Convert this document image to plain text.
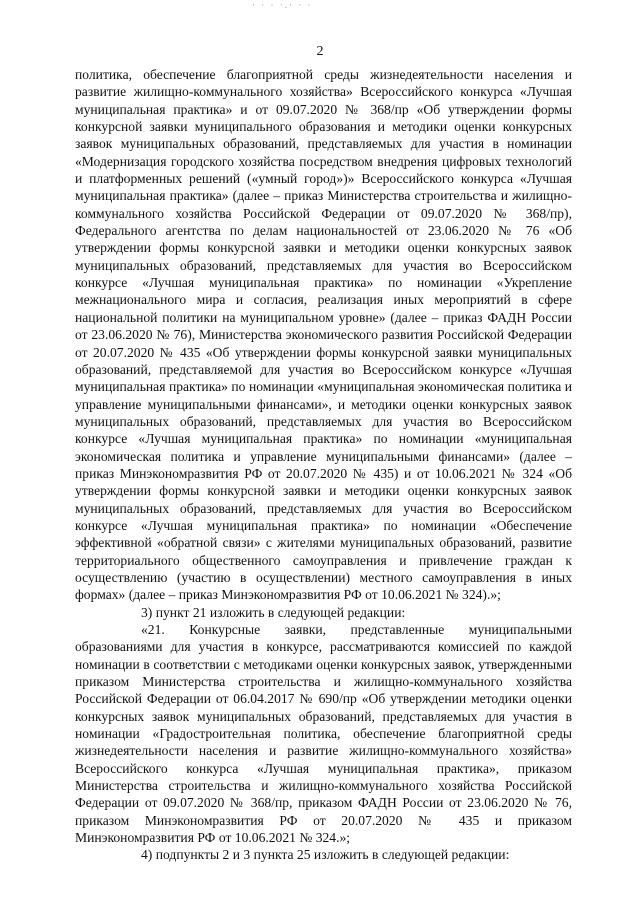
· · · ·.· · ·
2

политика, обеспечение благоприятной среды жизнедеятельности населения и развитие жилищно-коммунального хозяйства» Всероссийского конкурса «Лучшая муниципальная практика» и от 09.07.2020 № 368/пр «Об утверждении формы конкурсной заявки муниципального образования и методики оценки конкурсных заявок муниципальных образований, представляемых для участия в номинации «Модернизация городского хозяйства посредством внедрения цифровых технологий и платформенных решений («умный город»)» Всероссийского конкурса «Лучшая муниципальная практика» (далее – приказ Министерства строительства и жилищно-коммунального хозяйства Российской Федерации от 09.07.2020 № 368/пр), Федерального агентства по делам национальностей от 23.06.2020 № 76 «Об утверждении формы конкурсной заявки и методики оценки конкурсных заявок муниципальных образований, представляемых для участия во Всероссийском конкурсе «Лучшая муниципальная практика» по номинации «Укрепление межнационального мира и согласия, реализация иных мероприятий в сфере национальной политики на муниципальном уровне» (далее – приказ ФАДН России от 23.06.2020 № 76), Министерства экономического развития Российской Федерации от 20.07.2020 № 435 «Об утверждении формы конкурсной заявки муниципальных образований, представляемой для участия во Всероссийском конкурсе «Лучшая муниципальная практика» по номинации «муниципальная экономическая политика и управление муниципальными финансами», и методики оценки конкурсных заявок муниципальных образований, представляемых для участия во Всероссийском конкурсе «Лучшая муниципальная практика» по номинации «муниципальная экономическая политика и управление муниципальными финансами» (далее – приказ Минэкономразвития РФ от 20.07.2020 № 435) и от 10.06.2021 № 324 «Об утверждении формы конкурсной заявки и методики оценки конкурсных заявок муниципальных образований, представляемых для участия во Всероссийском конкурсе «Лучшая муниципальная практика» по номинации «Обеспечение эффективной «обратной связи» с жителями муниципальных образований, развитие территориального общественного самоуправления и привлечение граждан к осуществлению (участию в осуществлении) местного самоуправления в иных формах» (далее – приказ Минэкономразвития РФ от 10.06.2021 № 324).»;

3) пункт 21 изложить в следующей редакции:

«21. Конкурсные заявки, представленные муниципальными образованиями для участия в конкурсе, рассматриваются комиссией по каждой номинации в соответствии с методиками оценки конкурсных заявок, утвержденными приказом Министерства строительства и жилищно-коммунального хозяйства Российской Федерации от 06.04.2017 № 690/пр «Об утверждении методики оценки конкурсных заявок муниципальных образований, представляемых для участия в номинации «Градостроительная политика, обеспечение благоприятной среды жизнедеятельности населения и развитие жилищно-коммунального хозяйства» Всероссийского конкурса «Лучшая муниципальная практика», приказом Министерства строительства и жилищно-коммунального хозяйства Российской Федерации от 09.07.2020 № 368/пр, приказом ФАДН России от 23.06.2020 № 76, приказом Минэкономразвития РФ от 20.07.2020 № 435 и приказом Минэкономразвития РФ от 10.06.2021 № 324.»;

4) подпункты 2 и 3 пункта 25 изложить в следующей редакции:
